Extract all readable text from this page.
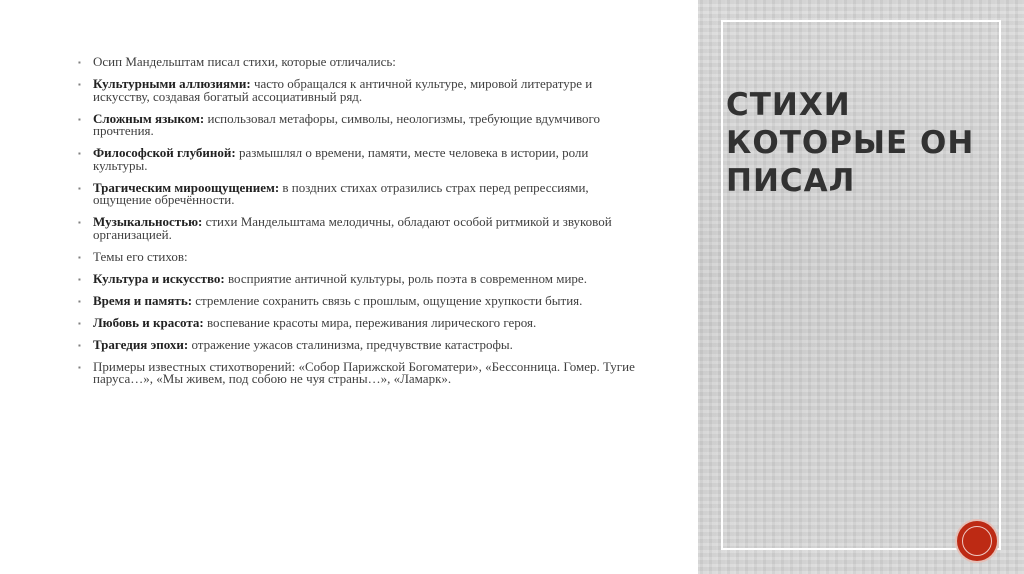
▪ Осип Мандельштам писал стихи, которые отличались:
▪ Культурными аллюзиями: часто обращался к античной культуре, мировой литературе и искусству, создавая богатый ассоциативный ряд.
▪ Сложным языком: использовал метафоры, символы, неологизмы, требующие вдумчивого прочтения.
▪ Философской глубиной: размышлял о времени, памяти, месте человека в истории, роли культуры.
▪ Трагическим мироощущением: в поздних стихах отразились страх перед репрессиями, ощущение обречённости.
▪ Музыкальностью: стихи Мандельштама мелодичны, обладают особой ритмикой и звуковой организацией.
▪ Темы его стихов:
▪ Культура и искусство: восприятие античной культуры, роль поэта в современном мире.
▪ Время и память: стремление сохранить связь с прошлым, ощущение хрупкости бытия.
▪ Любовь и красота: воспевание красоты мира, переживания лирического героя.
▪ Трагедия эпохи: отражение ужасов сталинизма, предчувствие катастрофы.
▪ Примеры известных стихотворений: «Собор Парижской Богоматери», «Бессонница. Гомер. Тугие паруса…», «Мы живем, под собою не чуя страны…», «Ламарк».
СТИХИ
КОТОРЫЕ ОН
ПИСАЛ
